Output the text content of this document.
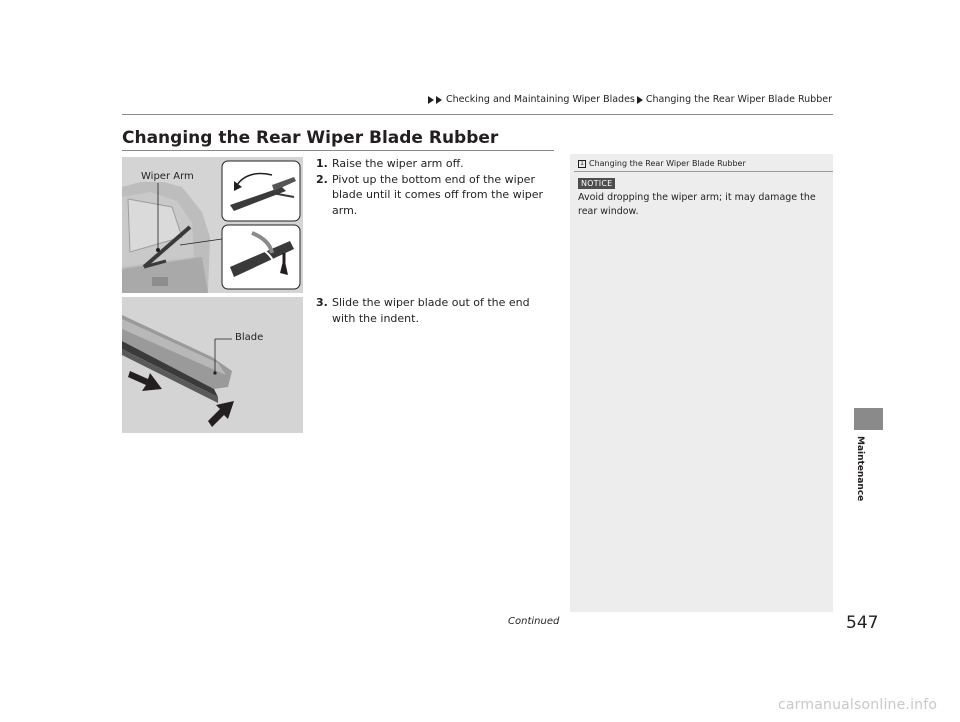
Checking and Maintaining Wiper Blades Changing the Rear Wiper Blade Rubber
Changing the Rear Wiper Blade Rubber
Wiper Arm
Blade
1. Raise the wiper arm off.
2. Pivot up the bottom end of the wiper blade until it comes off from the wiper arm.
3. Slide the wiper blade out of the end with the indent.
1 Changing the Rear Wiper Blade Rubber
NOTICE
Avoid dropping the wiper arm; it may damage the rear window.
Maintenance
Continued	547
carmanualsonline.info
